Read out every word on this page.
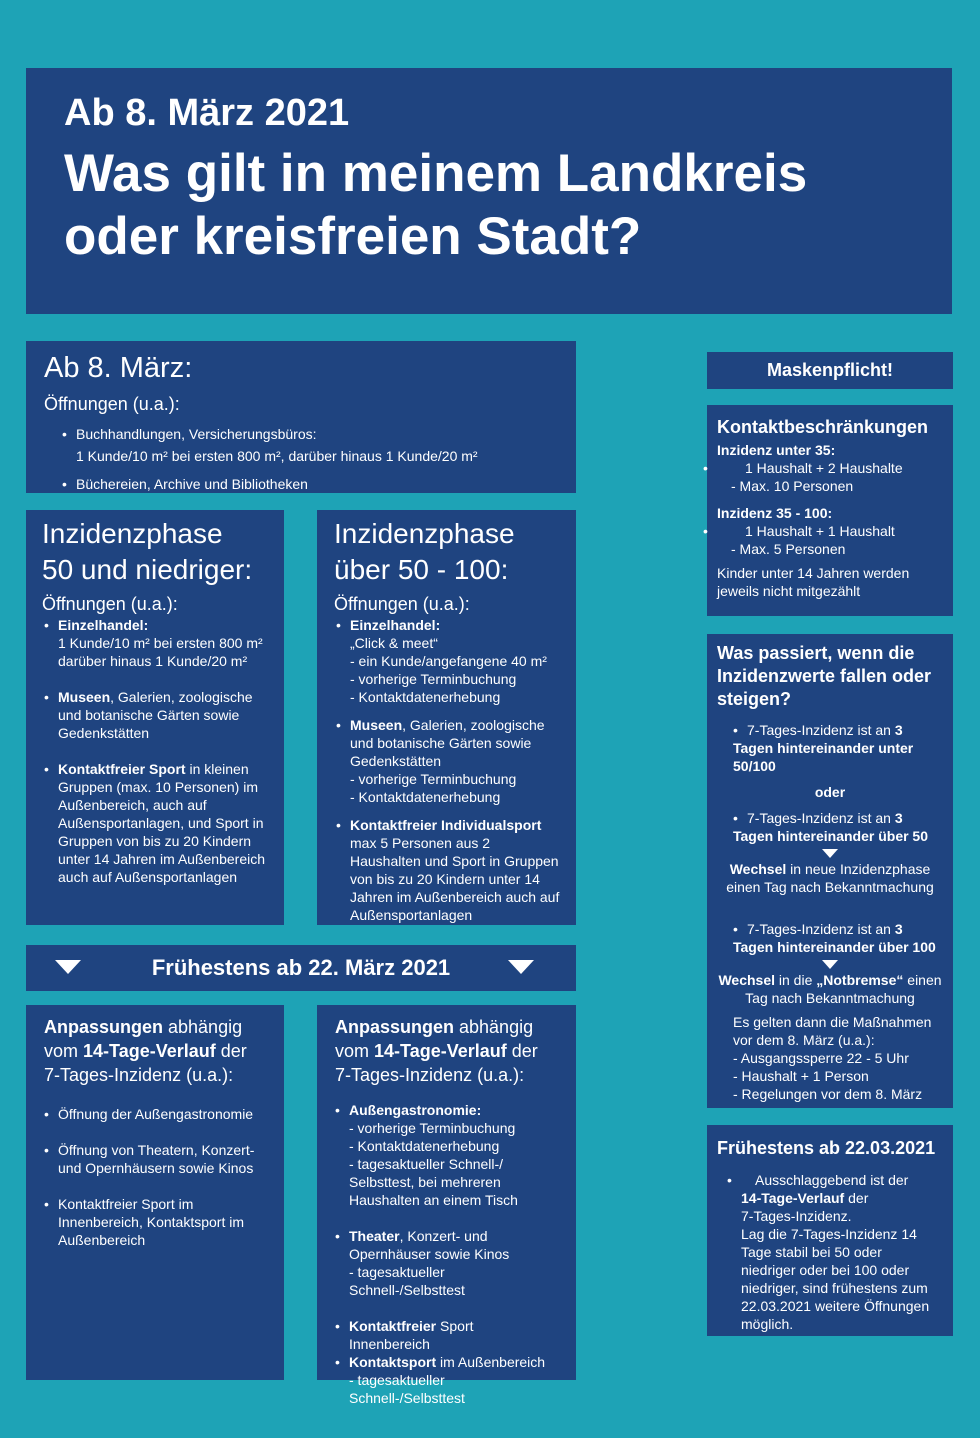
Ab 8. März 2021

Was gilt in meinem Landkreis
oder kreisfreien Stadt?

Ab 8. März:
Öffnungen (u.a.):
• Buchhandlungen, Versicherungsbüros:
1 Kunde/10 m² bei ersten 800 m², darüber hinaus 1 Kunde/20 m²
• Büchereien, Archive und Bibliotheken
Inzidenzphase
50 und niedriger:
Öffnungen (u.a.):
• Einzelhandel:
1 Kunde/10 m² bei ersten 800 m²
darüber hinaus 1 Kunde/20 m²
• Museen, Galerien, zoologische und botanische Gärten sowie Gedenkstätten
• Kontaktfreier Sport in kleinen Gruppen (max. 10 Personen) im Außenbereich, auch auf Außensportanlagen, und Sport in Gruppen von bis zu 20 Kindern unter 14 Jahren im Außenbereich auch auf Außensportanlagen
Inzidenzphase
über 50 - 100:
Öffnungen (u.a.):
• Einzelhandel:
„Click & meet“
- ein Kunde/angefangene 40 m²
- vorherige Terminbuchung
- Kontaktdatenerhebung
• Museen, Galerien, zoologische und botanische Gärten sowie Gedenkstätten
- vorherige Terminbuchung
- Kontaktdatenerhebung
• Kontaktfreier Individualsport max 5 Personen aus 2 Haushalten und Sport in Gruppen von bis zu 20 Kindern unter 14 Jahren im Außenbereich auch auf Außensportanlagen
Frühestens ab 22. März 2021
Anpassungen abhängig vom 14-Tage-Verlauf der 7-Tages-Inzidenz (u.a.):
• Öffnung der Außengastronomie
• Öffnung von Theatern, Konzert- und Opernhäusern sowie Kinos
• Kontaktfreier Sport im Innenbereich, Kontaktsport im Außenbereich
Anpassungen abhängig vom 14-Tage-Verlauf der 7-Tages-Inzidenz (u.a.):
• Außengastronomie:
- vorherige Terminbuchung
- Kontaktdatenerhebung
- tagesaktueller Schnell-/ Selbsttest, bei mehreren Haushalten an einem Tisch
• Theater, Konzert- und Opernhäuser sowie Kinos
- tagesaktueller Schnell-/Selbsttest
• Kontaktfreier Sport Innenbereich
• Kontaktsport im Außenbereich
- tagesaktueller Schnell-/Selbsttest
Maskenpflicht!
Kontaktbeschränkungen
Inzidenz unter 35:
• 1 Haushalt + 2 Haushalte
- Max. 10 Personen
Inzidenz 35 - 100:
• 1 Haushalt + 1 Haushalt
- Max. 5 Personen
Kinder unter 14 Jahren werden jeweils nicht mitgezählt
Was passiert, wenn die Inzidenzwerte fallen oder steigen?
• 7-Tages-Inzidenz ist an 3 Tagen hintereinander unter 50/100
oder
• 7-Tages-Inzidenz ist an 3 Tagen hintereinander über 50
Wechsel in neue Inzidenzphase einen Tag nach Bekanntmachung
• 7-Tages-Inzidenz ist an 3 Tagen hintereinander über 100
Wechsel in die „Notbremse“ einen Tag nach Bekanntmachung
Es gelten dann die Maßnahmen vor dem 8. März (u.a.):
- Ausgangssperre 22 - 5 Uhr
- Haushalt + 1 Person
- Regelungen vor dem 8. März
Frühestens ab 22.03.2021
• Ausschlaggebend ist der
14-Tage-Verlauf der
7-Tages-Inzidenz.
Lag die 7-Tages-Inzidenz 14 Tage stabil bei 50 oder niedriger oder bei 100 oder niedriger, sind frühestens zum 22.03.2021 weitere Öffnungen möglich.
